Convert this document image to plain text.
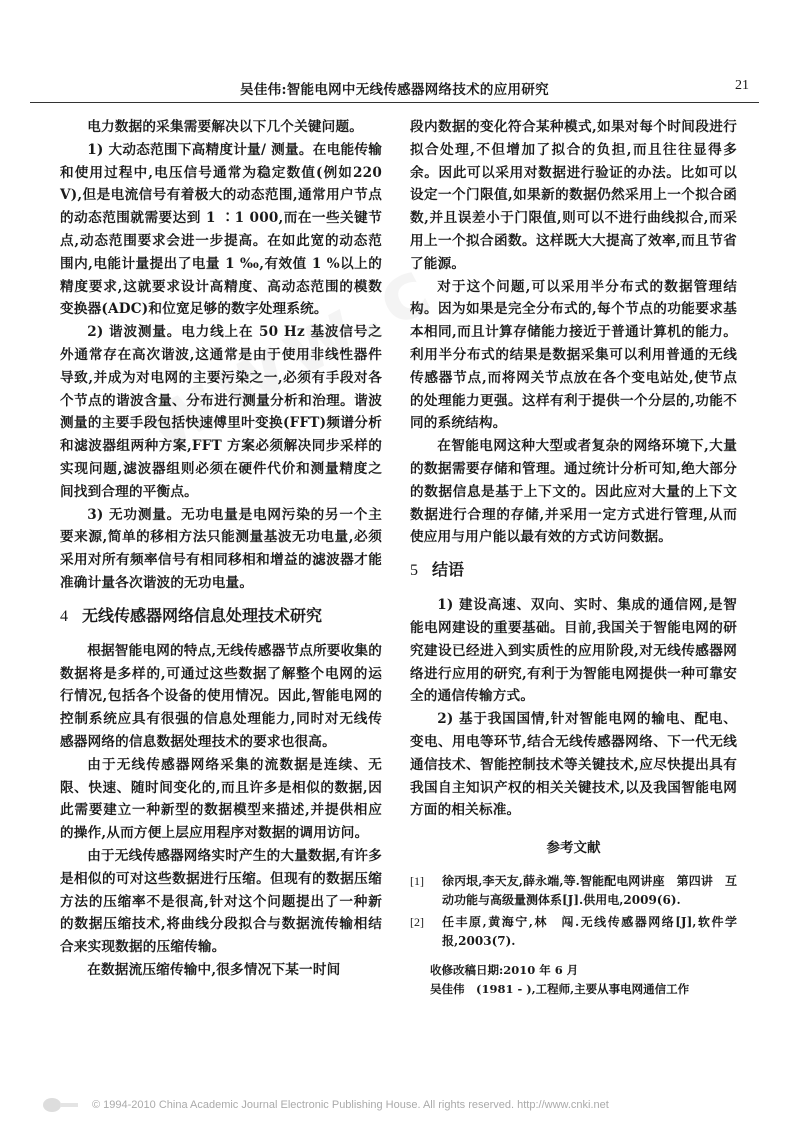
吴佳伟:智能电网中无线传感器网络技术的应用研究	21

电力数据的采集需要解决以下几个关键问题。

1) 大动态范围下高精度计量/ 测量。在电能传输和使用过程中,电压信号通常为稳定数值(例如220 V),但是电流信号有着极大的动态范围,通常用户节点的动态范围就需要达到 1 ∶1 000,而在一些关键节点,动态范围要求会进一步提高。在如此宽的动态范围内,电能计量提出了电量 1 ‰,有效值 1 %以上的精度要求,这就要求设计高精度、高动态范围的模数变换器(ADC)和位宽足够的数字处理系统。

2) 谐波测量。电力线上在 50 Hz 基波信号之外通常存在高次谐波,这通常是由于使用非线性器件导致,并成为对电网的主要污染之一,必须有手段对各个节点的谐波含量、分布进行测量分析和治理。谐波测量的主要手段包括快速傅里叶变换(FFT)频谱分析和滤波器组两种方案,FFT 方案必须解决同步采样的实现问题,滤波器组则必须在硬件代价和测量精度之间找到合理的平衡点。

3) 无功测量。无功电量是电网污染的另一个主要来源,简单的移相方法只能测量基波无功电量,必须采用对所有频率信号有相同移相和增益的滤波器才能准确计量各次谐波的无功电量。

4 无线传感器网络信息处理技术研究

根据智能电网的特点,无线传感器节点所要收集的数据将是多样的,可通过这些数据了解整个电网的运行情况,包括各个设备的使用情况。因此,智能电网的控制系统应具有很强的信息处理能力,同时对无线传感器网络的信息数据处理技术的要求也很高。

由于无线传感器网络采集的流数据是连续、无限、快速、随时间变化的,而且许多是相似的数据,因此需要建立一种新型的数据模型来描述,并提供相应的操作,从而方便上层应用程序对数据的调用访问。

由于无线传感器网络实时产生的大量数据,有许多是相似的可对这些数据进行压缩。但现有的数据压缩方法的压缩率不是很高,针对这个问题提出了一种新的数据压缩技术,将曲线分段拟合与数据流传输相结合来实现数据的压缩传输。

在数据流压缩传输中,很多情况下某一时间

段内数据的变化符合某种模式,如果对每个时间段进行拟合处理,不但增加了拟合的负担,而且往往显得多余。因此可以采用对数据进行验证的办法。比如可以设定一个门限值,如果新的数据仍然采用上一个拟合函数,并且误差小于门限值,则可以不进行曲线拟合,而采用上一个拟合函数。这样既大大提高了效率,而且节省了能源。

对于这个问题,可以采用半分布式的数据管理结构。因为如果是完全分布式的,每个节点的功能要求基本相同,而且计算存储能力接近于普通计算机的能力。利用半分布式的结果是数据采集可以利用普通的无线传感器节点,而将网关节点放在各个变电站处,使节点的处理能力更强。这样有利于提供一个分层的,功能不同的系统结构。

在智能电网这种大型或者复杂的网络环境下,大量的数据需要存储和管理。通过统计分析可知,绝大部分的数据信息是基于上下文的。因此应对大量的上下文数据进行合理的存储,并采用一定方式进行管理,从而使应用与用户能以最有效的方式访问数据。

5 结语

1) 建设高速、双向、实时、集成的通信网,是智能电网建设的重要基础。目前,我国关于智能电网的研究建设已经进入到实质性的应用阶段,对无线传感器网络进行应用的研究,有利于为智能电网提供一种可靠安全的通信传输方式。

2) 基于我国国情,针对智能电网的输电、配电、变电、用电等环节,结合无线传感器网络、下一代无线通信技术、智能控制技术等关键技术,应尽快提出具有我国自主知识产权的相关关键技术,以及我国智能电网方面的相关标准。

参考文献
[1]	徐丙垠,李天友,薛永端,等.智能配电网讲座　第四讲　互动功能与高级量测体系[J].供用电,2009(6).
[2]	任丰原,黄海宁,林　闯.无线传感器网络[J],软件学报,2003(7).
收修改稿日期:2010 年 6 月
吴佳伟　(1981 - ),工程师,主要从事电网通信工作
© 1994-2010 China Academic Journal Electronic Publishing House. All rights reserved. http://www.cnki.net
